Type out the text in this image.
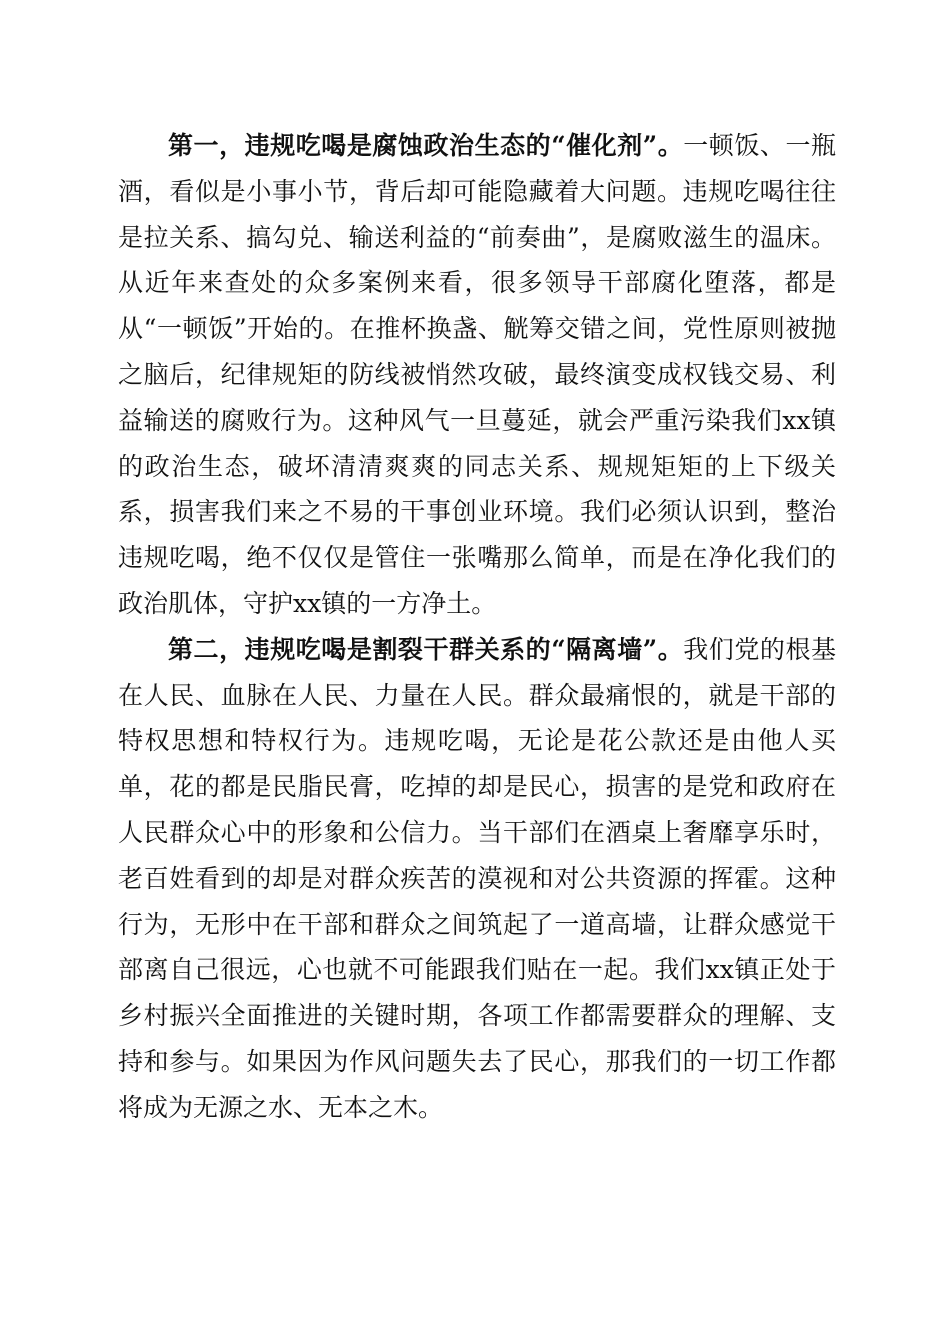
第一，违规吃喝是腐蚀政治生态的“催化剂”。一顿饭、一瓶酒，看似是小事小节，背后却可能隐藏着大问题。违规吃喝往往是拉关系、搞勾兑、输送利益的“前奏曲”，是腐败滋生的温床。从近年来查处的众多案例来看，很多领导干部腐化堕落，都是从“一顿饭”开始的。在推杯换盏、觥筹交错之间，党性原则被抛之脑后，纪律规矩的防线被悄然攻破，最终演变成权钱交易、利益输送的腐败行为。这种风气一旦蔓延，就会严重污染我们xx镇的政治生态，破坏清清爽爽的同志关系、规规矩矩的上下级关系，损害我们来之不易的干事创业环境。我们必须认识到，整治违规吃喝，绝不仅仅是管住一张嘴那么简单，而是在净化我们的政治肌体，守护xx镇的一方净土。

第二，违规吃喝是割裂干群关系的“隔离墙”。我们党的根基在人民、血脉在人民、力量在人民。群众最痛恨的，就是干部的特权思想和特权行为。违规吃喝，无论是花公款还是由他人买单，花的都是民脂民膏，吃掉的却是民心，损害的是党和政府在人民群众心中的形象和公信力。当干部们在酒桌上奢靡享乐时，老百姓看到的却是对群众疾苦的漠视和对公共资源的挥霍。这种行为，无形中在干部和群众之间筑起了一道高墙，让群众感觉干部离自己很远，心也就不可能跟我们贴在一起。我们xx镇正处于乡村振兴全面推进的关键时期，各项工作都需要群众的理解、支持和参与。如果因为作风问题失去了民心，那我们的一切工作都将成为无源之水、无本之木。
